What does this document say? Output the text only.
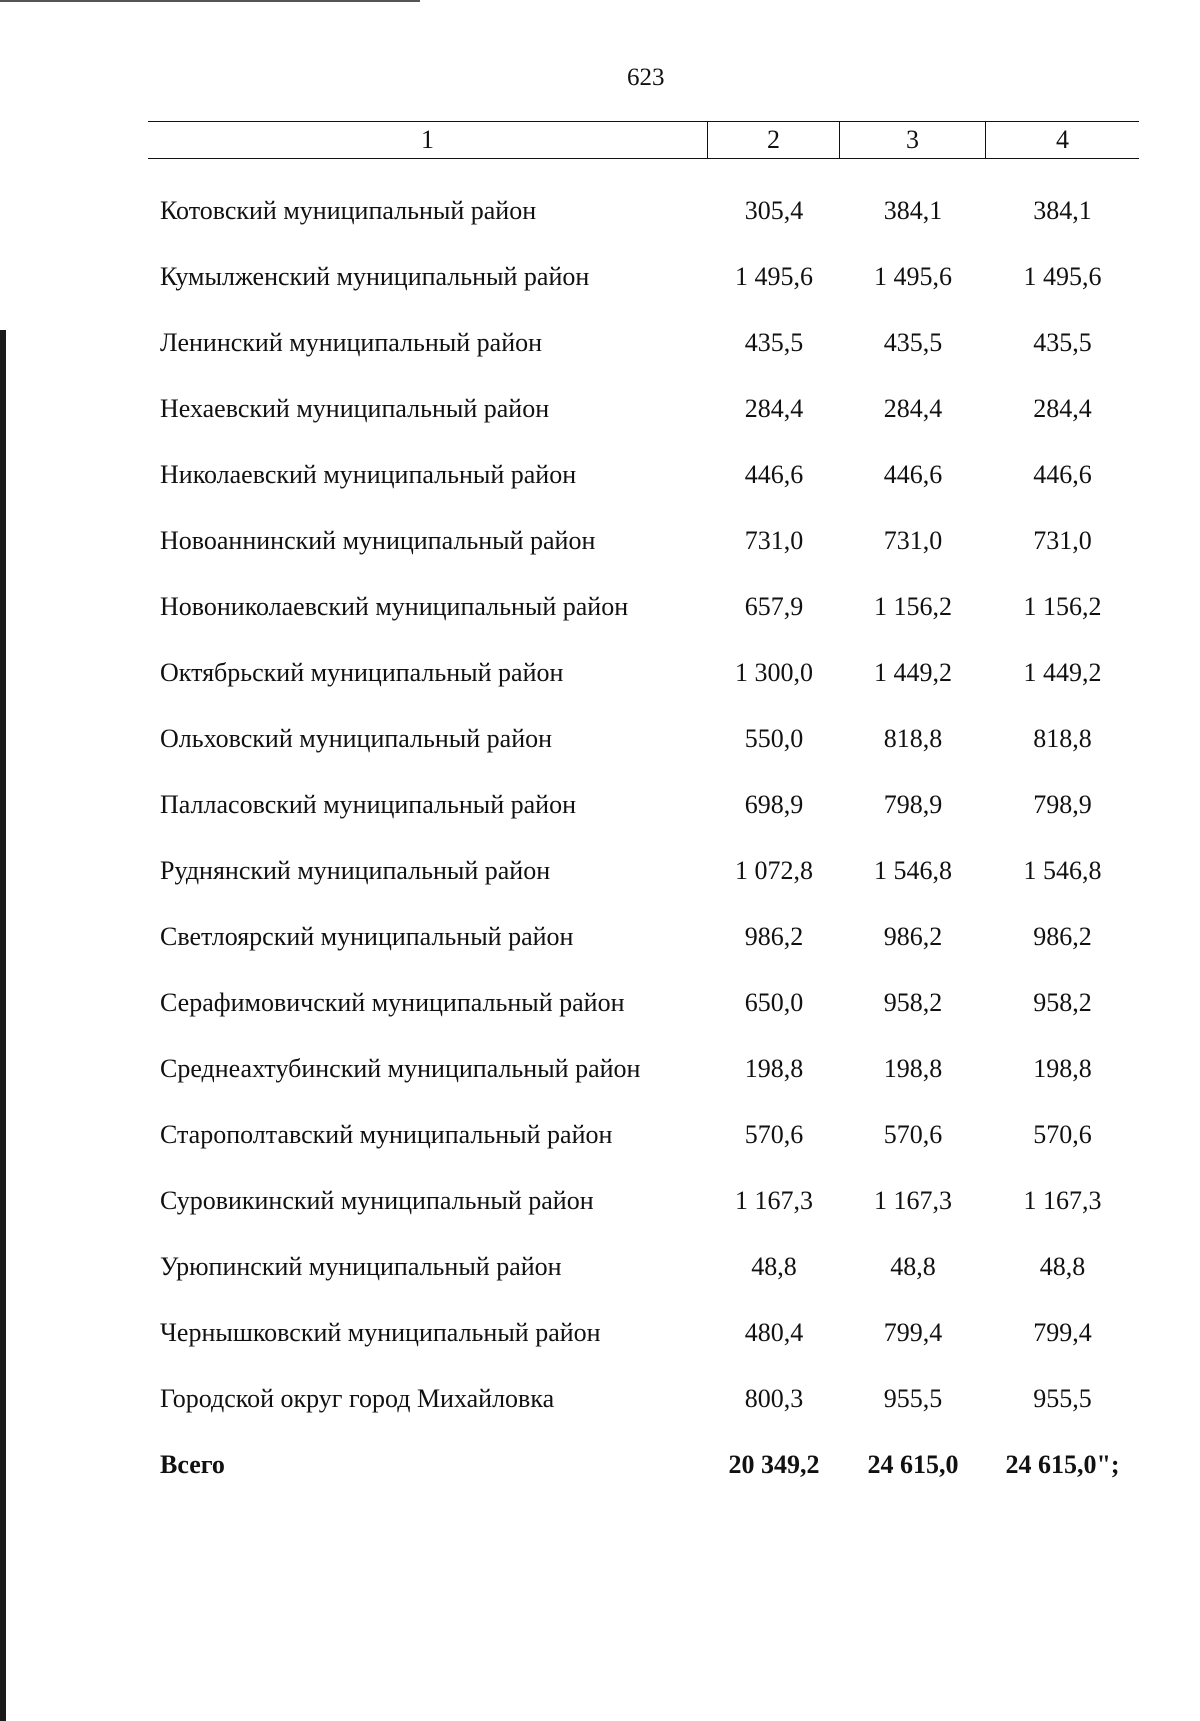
623
1	2	3	4
Котовский муниципальный район	305,4	384,1	384,1
Кумылженский муниципальный район	1 495,6	1 495,6	1 495,6
Ленинский муниципальный район	435,5	435,5	435,5
Нехаевский муниципальный район	284,4	284,4	284,4
Николаевский муниципальный район	446,6	446,6	446,6
Новоаннинский муниципальный район	731,0	731,0	731,0
Новониколаевский муниципальный район	657,9	1 156,2	1 156,2
Октябрьский муниципальный район	1 300,0	1 449,2	1 449,2
Ольховский муниципальный район	550,0	818,8	818,8
Палласовский муниципальный район	698,9	798,9	798,9
Руднянский муниципальный район	1 072,8	1 546,8	1 546,8
Светлоярский муниципальный район	986,2	986,2	986,2
Серафимовичский муниципальный район	650,0	958,2	958,2
Среднеахтубинский муниципальный район	198,8	198,8	198,8
Старополтавский муниципальный район	570,6	570,6	570,6
Суровикинский муниципальный район	1 167,3	1 167,3	1 167,3
Урюпинский муниципальный район	48,8	48,8	48,8
Чернышковский муниципальный район	480,4	799,4	799,4
Городской округ город Михайловка	800,3	955,5	955,5
Всего	20 349,2	24 615,0	24 615,0";
